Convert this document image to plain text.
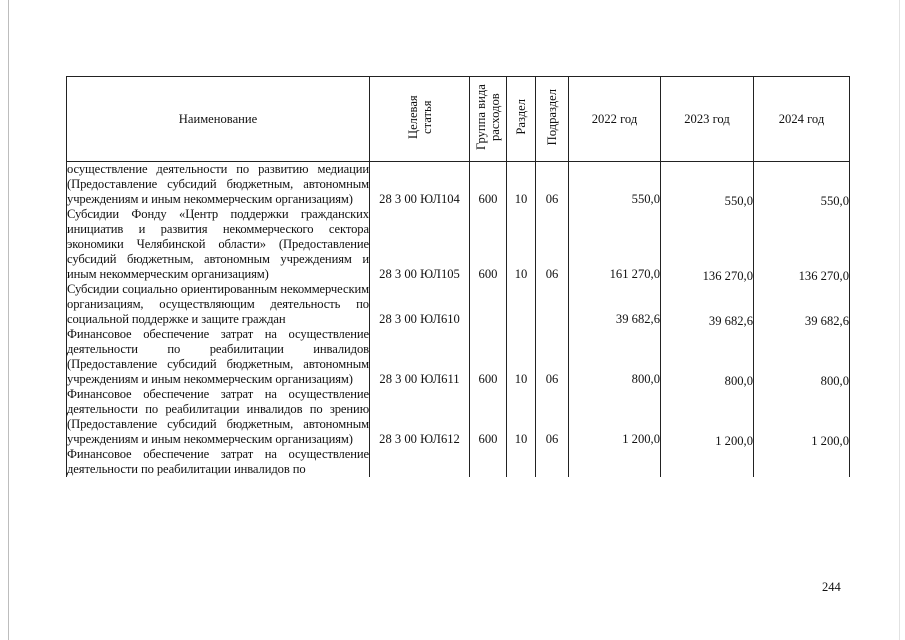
Наименование	Целевая статья	Группа вида расходов	Раздел	Подраздел	2022 год	2023 год	2024 год
осуществление деятельности по развитию медиации (Предоставление субсидий бюджетным, автономным учреждениям и иным некоммерческим организациям)	28 3 00 ЮЛ104	600	10	06	550,0	550,0	550,0
Субсидии Фонду «Центр поддержки гражданских инициатив и развития некоммерческого сектора экономики Челябинской области» (Предоставление субсидий бюджетным, автономным учреждениям и иным некоммерческим организациям)	28 3 00 ЮЛ105	600	10	06	161 270,0	136 270,0	136 270,0
Субсидии социально ориентированным некоммерческим организациям, осуществляющим деятельность по социальной поддержке и защите граждан	28 3 00 ЮЛ610				39 682,6	39 682,6	39 682,6
Финансовое обеспечение затрат на осуществление деятельности по реабилитации инвалидов (Предоставление субсидий бюджетным, автономным учреждениям и иным некоммерческим организациям)	28 3 00 ЮЛ611	600	10	06	800,0	800,0	800,0
Финансовое обеспечение затрат на осуществление деятельности по реабилитации инвалидов по зрению (Предоставление субсидий бюджетным, автономным учреждениям и иным некоммерческим организациям)	28 3 00 ЮЛ612	600	10	06	1 200,0	1 200,0	1 200,0
Финансовое обеспечение затрат на осуществление деятельности по реабилитации инвалидов по							
244
